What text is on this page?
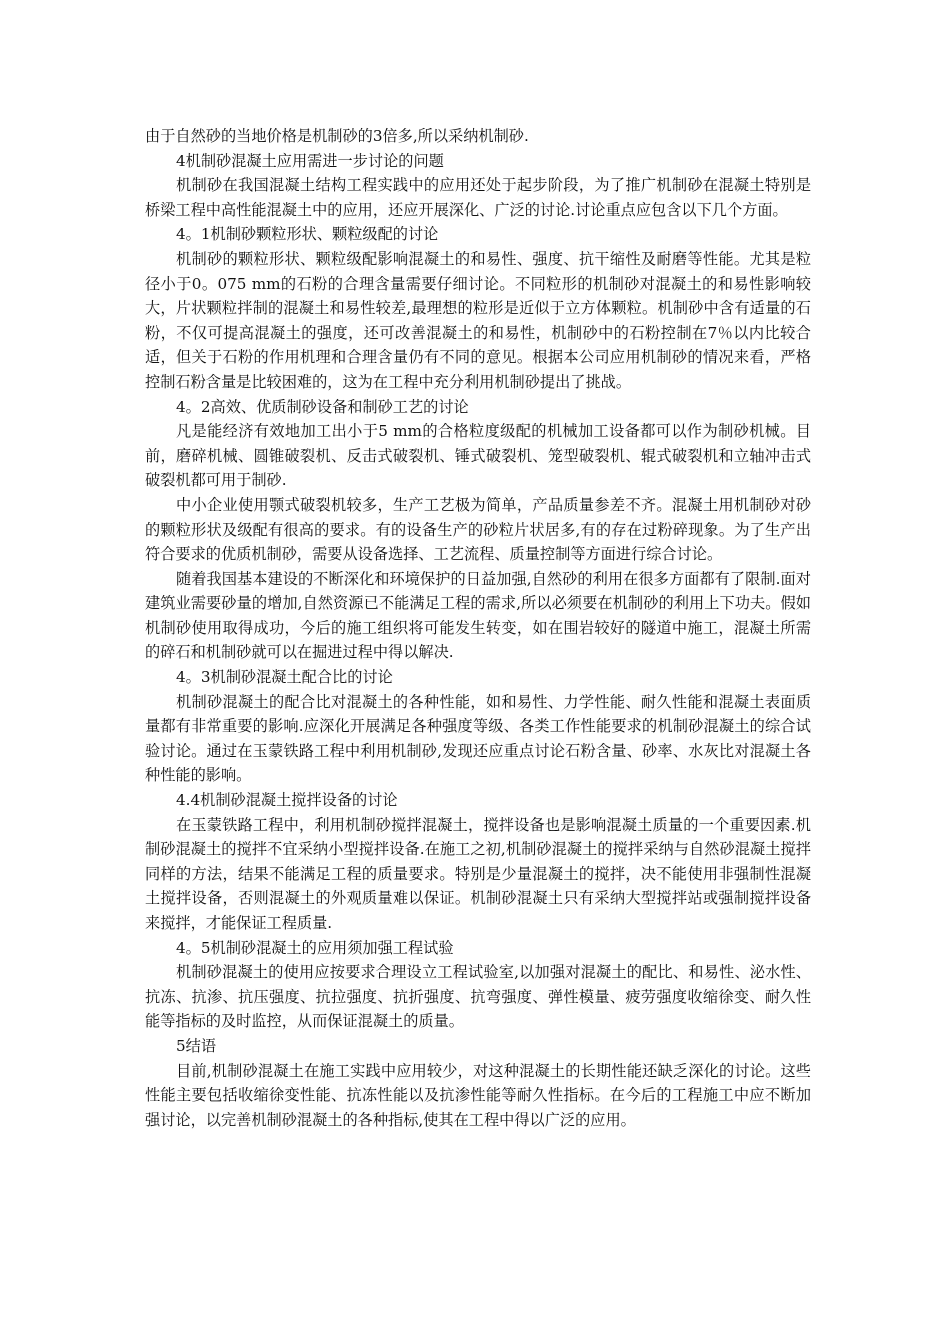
由于自然砂的当地价格是机制砂的3倍多,所以采纳机制砂.

4机制砂混凝土应用需进一步讨论的问题

机制砂在我国混凝土结构工程实践中的应用还处于起步阶段，为了推广机制砂在混凝土特别是桥梁工程中高性能混凝土中的应用，还应开展深化、广泛的讨论.讨论重点应包含以下几个方面。

4。1机制砂颗粒形状、颗粒级配的讨论

机制砂的颗粒形状、颗粒级配影响混凝土的和易性、强度、抗干缩性及耐磨等性能。尤其是粒径小于0。075 mm的石粉的合理含量需要仔细讨论。不同粒形的机制砂对混凝土的和易性影响较大，片状颗粒拌制的混凝土和易性较差,最理想的粒形是近似于立方体颗粒。机制砂中含有适量的石粉，不仅可提高混凝土的强度，还可改善混凝土的和易性，机制砂中的石粉控制在7％以内比较合适，但关于石粉的作用机理和合理含量仍有不同的意见。根据本公司应用机制砂的情况来看，严格控制石粉含量是比较困难的，这为在工程中充分利用机制砂提出了挑战。

4。2高效、优质制砂设备和制砂工艺的讨论

凡是能经济有效地加工出小于5 mm的合格粒度级配的机械加工设备都可以作为制砂机械。目前，磨碎机械、圆锥破裂机、反击式破裂机、锤式破裂机、笼型破裂机、辊式破裂机和立轴冲击式破裂机都可用于制砂.

中小企业使用颚式破裂机较多，生产工艺极为简单，产品质量参差不齐。混凝土用机制砂对砂的颗粒形状及级配有很高的要求。有的设备生产的砂粒片状居多,有的存在过粉碎现象。为了生产出符合要求的优质机制砂，需要从设备选择、工艺流程、质量控制等方面进行综合讨论。

随着我国基本建设的不断深化和环境保护的日益加强,自然砂的利用在很多方面都有了限制.面对建筑业需要砂量的增加,自然资源已不能满足工程的需求,所以必须要在机制砂的利用上下功夫。假如机制砂使用取得成功，今后的施工组织将可能发生转变，如在围岩较好的隧道中施工，混凝土所需的碎石和机制砂就可以在掘进过程中得以解决.

4。3机制砂混凝土配合比的讨论

机制砂混凝土的配合比对混凝土的各种性能，如和易性、力学性能、耐久性能和混凝土表面质量都有非常重要的影响.应深化开展满足各种强度等级、各类工作性能要求的机制砂混凝土的综合试验讨论。通过在玉蒙铁路工程中利用机制砂,发现还应重点讨论石粉含量、砂率、水灰比对混凝土各种性能的影响。

4.4机制砂混凝土搅拌设备的讨论

在玉蒙铁路工程中，利用机制砂搅拌混凝土，搅拌设备也是影响混凝土质量的一个重要因素.机制砂混凝土的搅拌不宜采纳小型搅拌设备.在施工之初,机制砂混凝土的搅拌采纳与自然砂混凝土搅拌同样的方法，结果不能满足工程的质量要求。特别是少量混凝土的搅拌，决不能使用非强制性混凝土搅拌设备，否则混凝土的外观质量难以保证。机制砂混凝土只有采纳大型搅拌站或强制搅拌设备来搅拌，才能保证工程质量.

4。5机制砂混凝土的应用须加强工程试验

机制砂混凝土的使用应按要求合理设立工程试验室,以加强对混凝土的配比、和易性、泌水性、抗冻、抗渗、抗压强度、抗拉强度、抗折强度、抗弯强度、弹性模量、疲劳强度收缩徐变、耐久性能等指标的及时监控，从而保证混凝土的质量。

5结语

目前,机制砂混凝土在施工实践中应用较少，对这种混凝土的长期性能还缺乏深化的讨论。这些性能主要包括收缩徐变性能、抗冻性能以及抗渗性能等耐久性指标。在今后的工程施工中应不断加强讨论，以完善机制砂混凝土的各种指标,使其在工程中得以广泛的应用。
